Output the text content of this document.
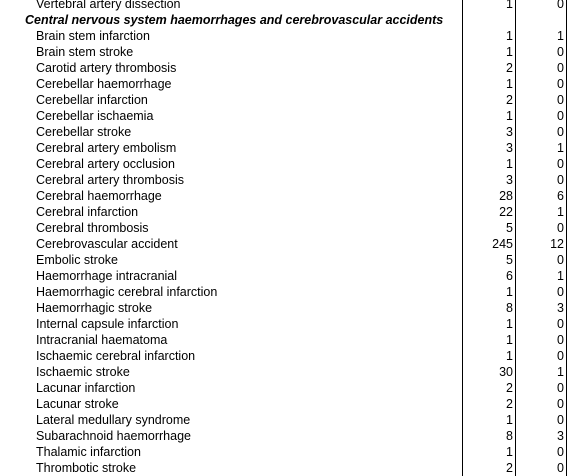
Vertebral artery dissection	1	0
Central nervous system haemorrhages and cerebrovascular accidents
Brain stem infarction	1	1
Brain stem stroke	1	0
Carotid artery thrombosis	2	0
Cerebellar haemorrhage	1	0
Cerebellar infarction	2	0
Cerebellar ischaemia	1	0
Cerebellar stroke	3	0
Cerebral artery embolism	3	1
Cerebral artery occlusion	1	0
Cerebral artery thrombosis	3	0
Cerebral haemorrhage	28	6
Cerebral infarction	22	1
Cerebral thrombosis	5	0
Cerebrovascular accident	245	12
Embolic stroke	5	0
Haemorrhage intracranial	6	1
Haemorrhagic cerebral infarction	1	0
Haemorrhagic stroke	8	3
Internal capsule infarction	1	0
Intracranial haematoma	1	0
Ischaemic cerebral infarction	1	0
Ischaemic stroke	30	1
Lacunar infarction	2	0
Lacunar stroke	2	0
Lateral medullary syndrome	1	0
Subarachnoid haemorrhage	8	3
Thalamic infarction	1	0
Thrombotic stroke	2	0
